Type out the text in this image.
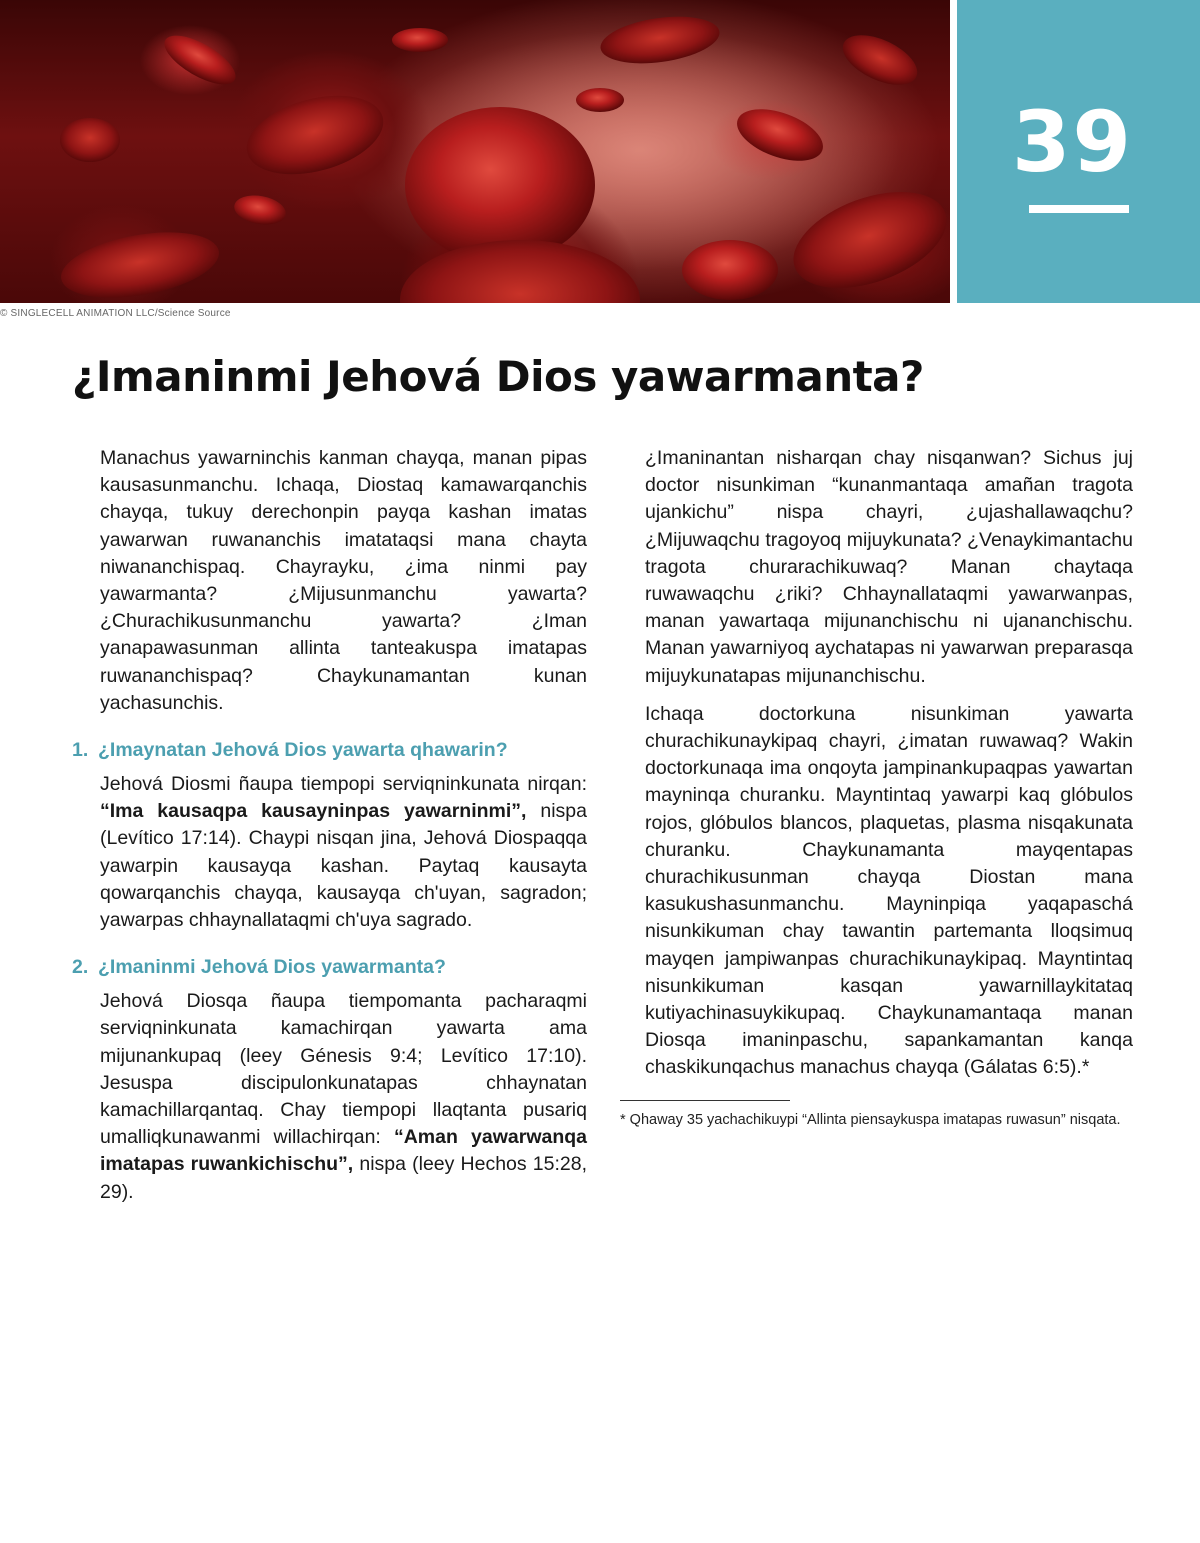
39
© SINGLECELL ANIMATION LLC/Science Source
¿Imaninmi Jehová Dios yawarmanta?

Manachus yawarninchis kanman chayqa, manan pipas kausasunmanchu. Ichaqa, Diostaq kamawarqanchis chayqa, tukuy derechonpin payqa kashan imatas yawarwan ruwananchis imatataqsi mana chayta niwananchispaq. Chayrayku, ¿ima ninmi pay yawarmanta? ¿Mijusunmanchu yawarta? ¿Churachikusunmanchu yawarta? ¿Iman yanapawasunman allinta tanteakuspa imatapas ruwananchispaq? Chaykunamantan kunan yachasunchis.

1. ¿Imaynatan Jehová Dios yawarta qhawarin?

Jehová Diosmi ñaupa tiempopi serviqninkunata nirqan: “Ima kausaqpa kausayninpas yawarninmi”, nispa (Levítico 17:14). Chaypi nisqan jina, Jehová Diospaqqa yawarpin kausayqa kashan. Paytaq kausayta qowarqanchis chayqa, kausayqa ch'uyan, sagradon; yawarpas chhaynallataqmi ch'uya sagrado.

2. ¿Imaninmi Jehová Dios yawarmanta?

Jehová Diosqa ñaupa tiempomanta pacharaqmi serviqninkunata kamachirqan yawarta ama mijunankupaq (leey Génesis 9:4; Levítico 17:10). Jesuspa discipulonkunatapas chhaynatan kamachillarqantaq. Chay tiempopi llaqtanta pusariq umalliqkunawanmi willachirqan: “Aman yawarwanqa imatapas ruwankichischu”, nispa (leey Hechos 15:28, 29).

¿Imaninantan nisharqan chay nisqanwan? Sichus juj doctor nisunkiman “kunanmantaqa amañan tragota ujankichu” nispa chayri, ¿ujashallawaqchu? ¿Mijuwaqchu tragoyoq mijuykunata? ¿Venaykimantachu tragota churarachikuwaq? Manan chaytaqa ruwawaqchu ¿riki? Chhaynallataqmi yawarwanpas, manan yawartaqa mijunanchischu ni ujananchischu. Manan yawarniyoq aychatapas ni yawarwan preparasqa mijuykunatapas mijunanchischu.

Ichaqa doctorkuna nisunkiman yawarta churachikunaykipaq chayri, ¿imatan ruwawaq? Wakin doctorkunaqa ima onqoyta jampinankupaqpas yawartan mayninqa churanku. Mayntintaq yawarpi kaq glóbulos rojos, glóbulos blancos, plaquetas, plasma nisqakunata churanku. Chaykunamanta mayqentapas churachikusunman chayqa Diostan mana kasukushasunmanchu. Mayninpiqa yaqapaschá nisunkikuman chay tawantin partemanta lloqsimuq mayqen jampiwanpas churachikunaykipaq. Mayntintaq nisunkikuman kasqan yawarnillaykitataq kutiyachinasuykikupaq. Chaykunamantaqa manan Diosqa imaninpaschu, sapankamantan kanqa chaskikunqachus manachus chayqa (Gálatas 6:5).*

* Qhaway 35 yachachikuypi “Allinta piensaykuspa imatapas ruwasun” nisqata.
